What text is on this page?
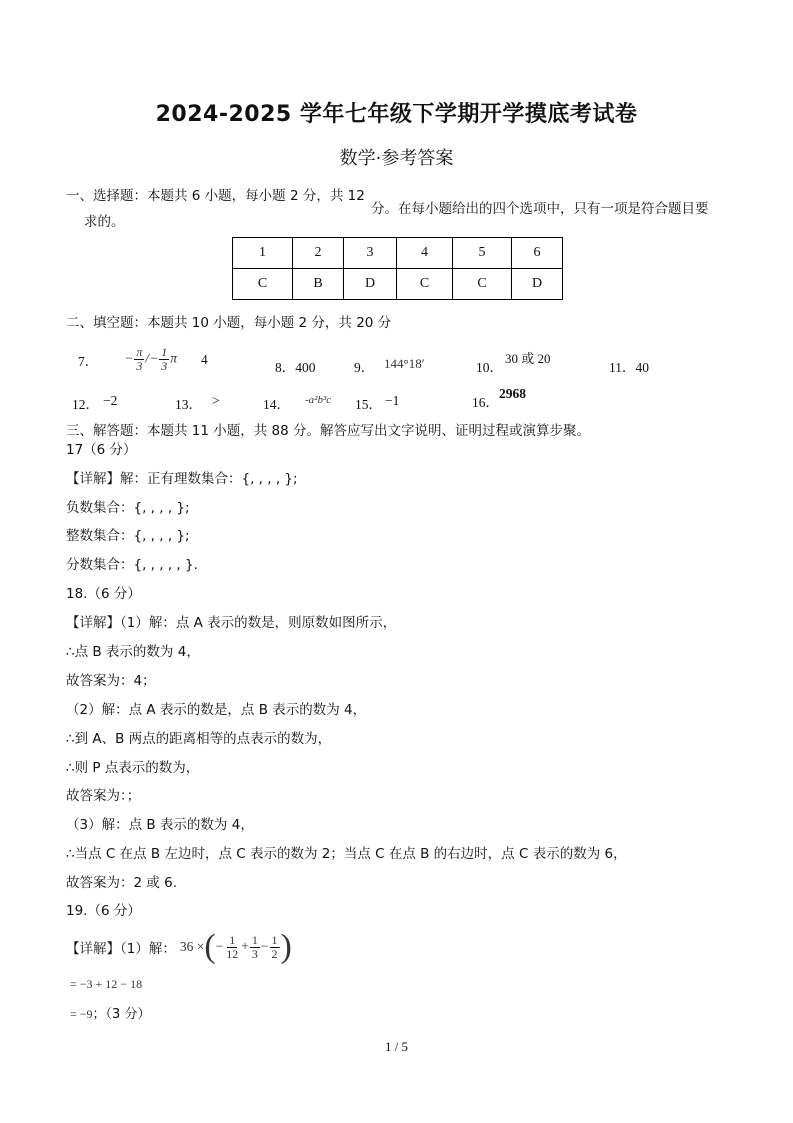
2024-2025 学年七年级下学期开学摸底考试卷
数学·参考答案
一、选择题：本题共 6 小题，每小题 2 分，共 12
分。在每小题给出的四个选项中，只有一项是符合题目要
求的。
1	2	3	4	5	6
C	B	D	C	C	D
二、填空题：本题共 10 小题，每小题 2 分，共 20 分
7． − $\frac{\pi}{3} /- \frac{1}{3}$ π 4
8．400	9． 144°18′	10．
30 或 20
11．40
12． −2	13． >	14． -a²b³c 15． −1	16．
2968
三、解答题：本题共 11 小题，共 88 分。解答应写出文字说明、证明过程或演算步聚。
17（6 分）
【详解】解：正有理数集合：{, , , , };
负数集合：{, , , , };
整数集合：{, , , , };
分数集合：{, , , , , }.
18.（6 分）
【详解】（1）解：点 A 表示的数是，则原数如图所示，
∴点 B 表示的数为 4，
故答案为：4；
（2）解：点 A 表示的数是，点 B 表示的数为 4，
∴到 A、B 两点的距离相等的点表示的数为，
∴则 P 点表示的数为，
故答案为：；
（3）解：点 B 表示的数为 4，
∴当点 C 在点 B 左边时，点 C 表示的数为 2；当点 C 在点 B 的右边时，点 C 表示的数为 6，
故答案为：2 或 6.
19.（6 分）
【详解】（1）解： 36 × ( − $\frac{1}{12} + \frac{1}{3} - \frac{1}{2}$ )
= −3 + 12 − 18
= −9；（3 分）
1 / 5
